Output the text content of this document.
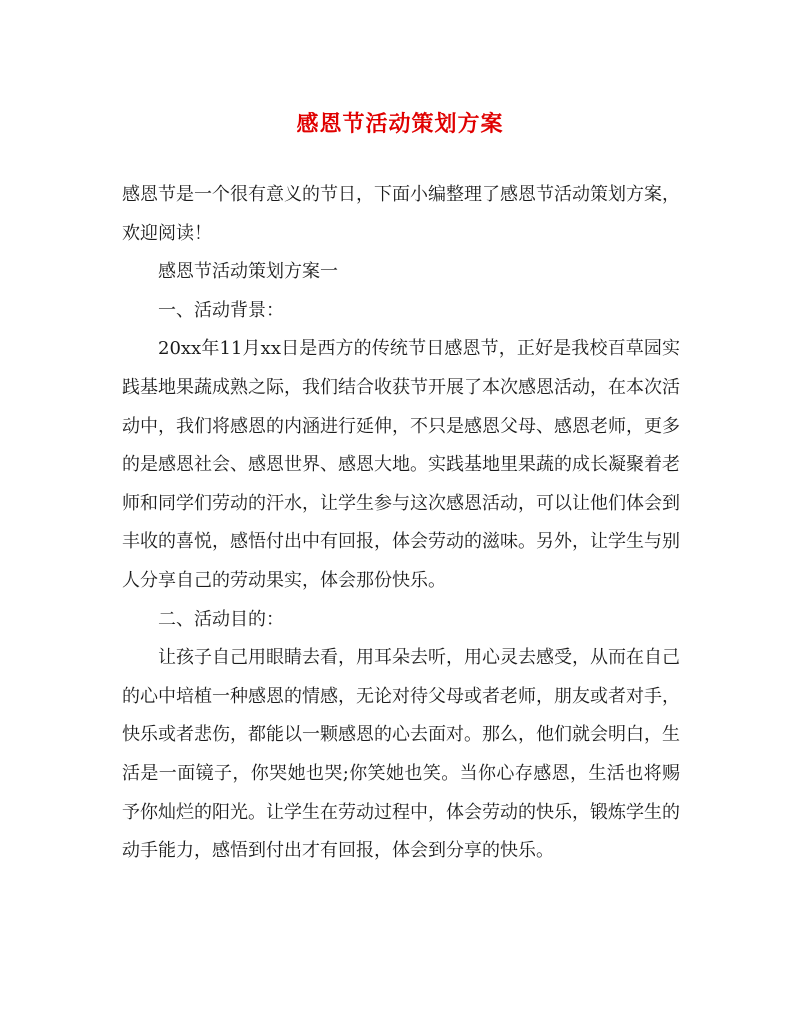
感恩节活动策划方案

感恩节是一个很有意义的节日，下面小编整理了感恩节活动策划方案，欢迎阅读！

感恩节活动策划方案一

一、活动背景：

20xx年11月xx日是西方的传统节日感恩节，正好是我校百草园实践基地果蔬成熟之际，我们结合收获节开展了本次感恩活动，在本次活动中，我们将感恩的内涵进行延伸，不只是感恩父母、感恩老师，更多的是感恩社会、感恩世界、感恩大地。实践基地里果蔬的成长凝聚着老师和同学们劳动的汗水，让学生参与这次感恩活动，可以让他们体会到丰收的喜悦，感悟付出中有回报，体会劳动的滋味。另外，让学生与别人分享自己的劳动果实，体会那份快乐。

二、活动目的：

让孩子自己用眼睛去看，用耳朵去听，用心灵去感受，从而在自己的心中培植一种感恩的情感，无论对待父母或者老师，朋友或者对手，快乐或者悲伤，都能以一颗感恩的心去面对。那么，他们就会明白，生活是一面镜子，你哭她也哭;你笑她也笑。当你心存感恩，生活也将赐予你灿烂的阳光。让学生在劳动过程中，体会劳动的快乐，锻炼学生的动手能力，感悟到付出才有回报，体会到分享的快乐。
